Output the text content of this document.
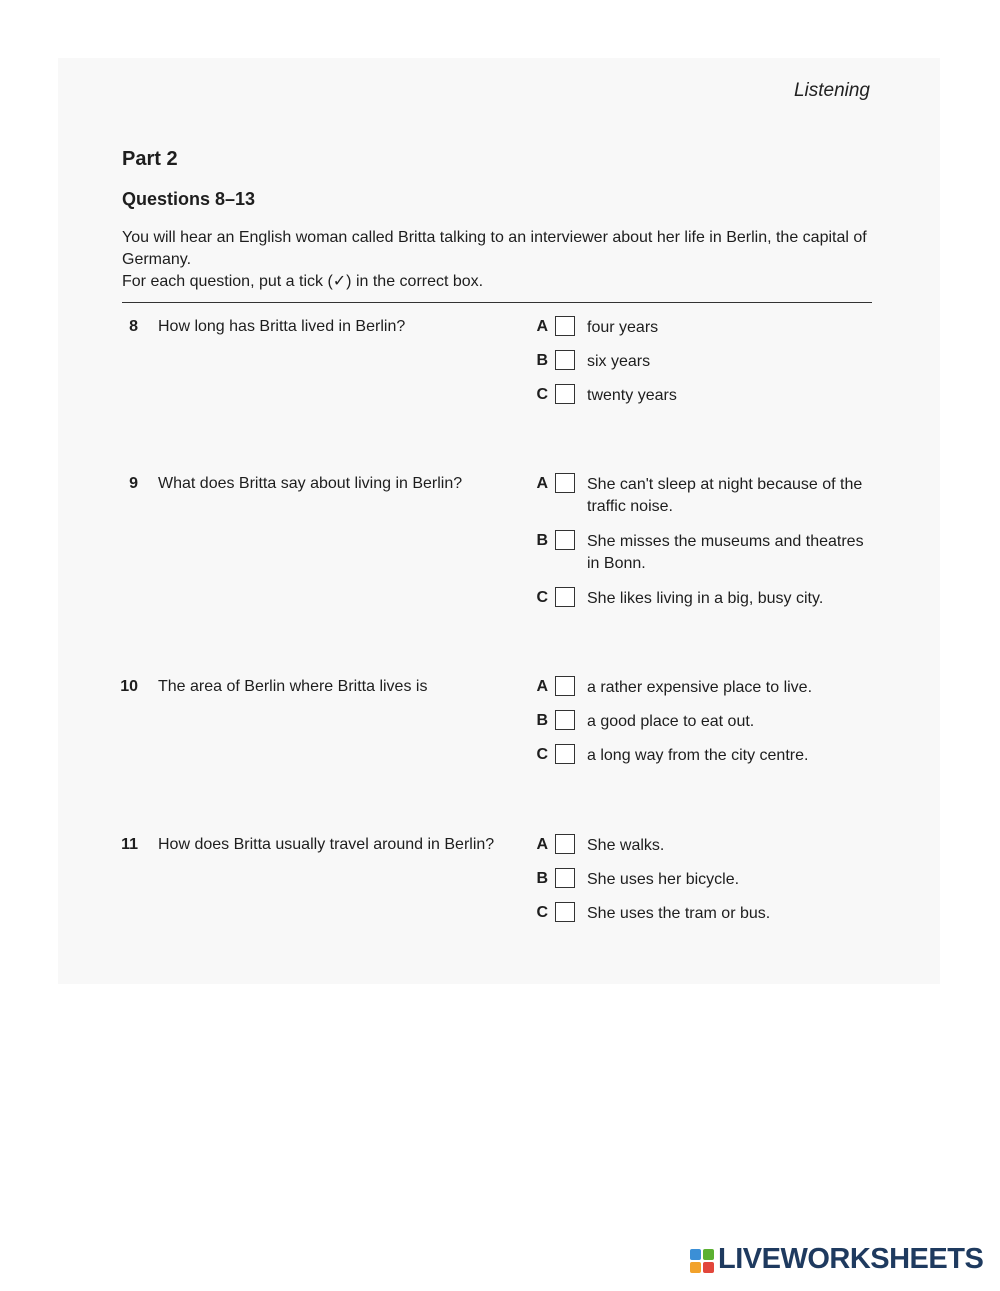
Listening
Part 2
Questions 8–13

You will hear an English woman called Britta talking to an interviewer about her life in Berlin, the capital of Germany.

For each question, put a tick (✓) in the correct box.

8 How long has Britta lived in Berlin?	A four years
B six years
C twenty years
9 What does Britta say about living in Berlin?	A She can't sleep at night because of the traffic noise.
B She misses the museums and theatres in Bonn.
C She likes living in a big, busy city.
10 The area of Berlin where Britta lives is	A a rather expensive place to live.
B a good place to eat out.
C a long way from the city centre.
11 How does Britta usually travel around in Berlin?	A She walks.
B She uses her bicycle.
C She uses the tram or bus.
LIVEWORKSHEETS
